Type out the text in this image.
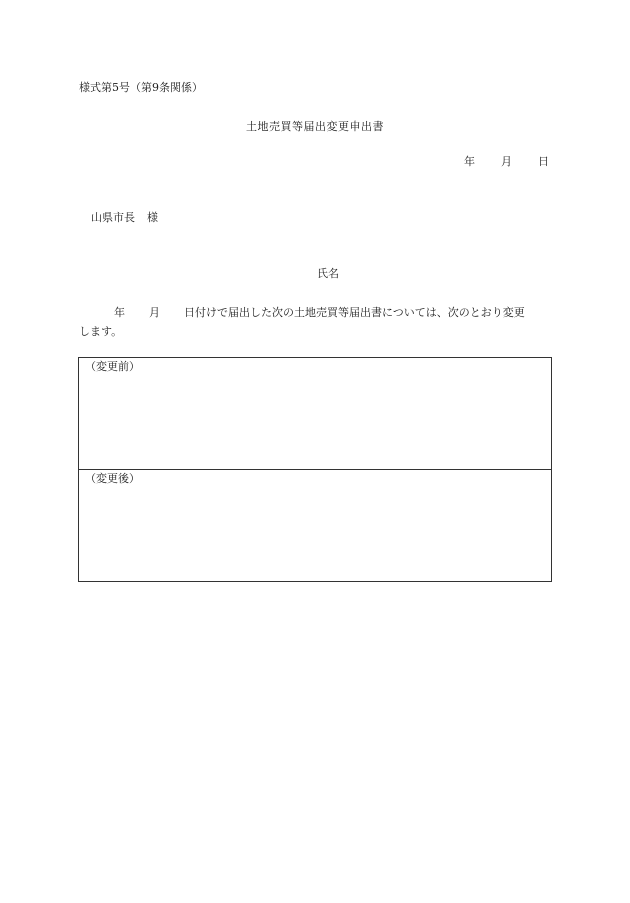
様式第5号（第9条関係）
土地売買等届出変更申出書
年 月 日
山県市長 様
氏名
年 月 日付けで届出した次の土地売買等届出書については、次のとおり変更
します。
（変更前）
（変更後）
